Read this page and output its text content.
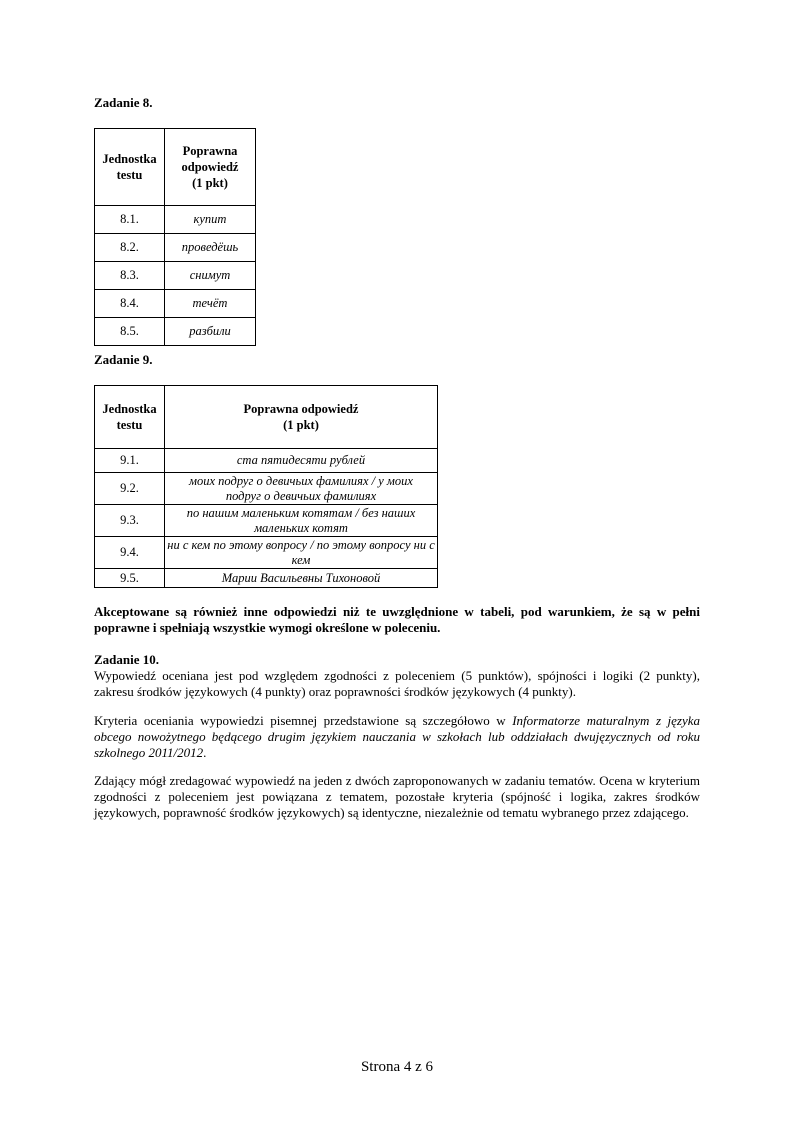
Zadanie 8.
Jednostka testu	Poprawna
odpowiedź
(1 pkt)
8.1.	купит
8.2.	проведёшь
8.3.	снимут
8.4.	течёт
8.5.	разбили
Zadanie 9.
Jednostka testu	Poprawna odpowiedź
(1 pkt)
9.1.	ста пятидесяти рублей
9.2.	моих подруг о девичьих фамилиях / у моих подруг о девичьих фамилиях
9.3.	по нашим маленьким котятам / без наших маленьких котят
9.4.	ни с кем по этому вопросу / по этому вопросу ни с кем
9.5.	Марии Васильевны Тихоновой
Akceptowane są również inne odpowiedzi niż te uwzględnione w tabeli, pod warunkiem, że są w pełni poprawne i spełniają wszystkie wymogi określone w poleceniu.
Zadanie 10.
Wypowiedź oceniana jest pod względem zgodności z poleceniem (5 punktów), spójności i logiki (2 punkty), zakresu środków językowych (4 punkty) oraz poprawności środków językowych (4 punkty).
Kryteria oceniania wypowiedzi pisemnej przedstawione są szczegółowo w Informatorze maturalnym z języka obcego nowożytnego będącego drugim językiem nauczania w szkołach lub oddziałach dwujęzycznych od roku szkolnego 2011/2012.
Zdający mógł zredagować wypowiedź na jeden z dwóch zaproponowanych w zadaniu tematów. Ocena w kryterium zgodności z poleceniem jest powiązana z tematem, pozostałe kryteria (spójność i logika, zakres środków językowych, poprawność środków językowych) są identyczne, niezależnie od tematu wybranego przez zdającego.
Strona 4 z 6
